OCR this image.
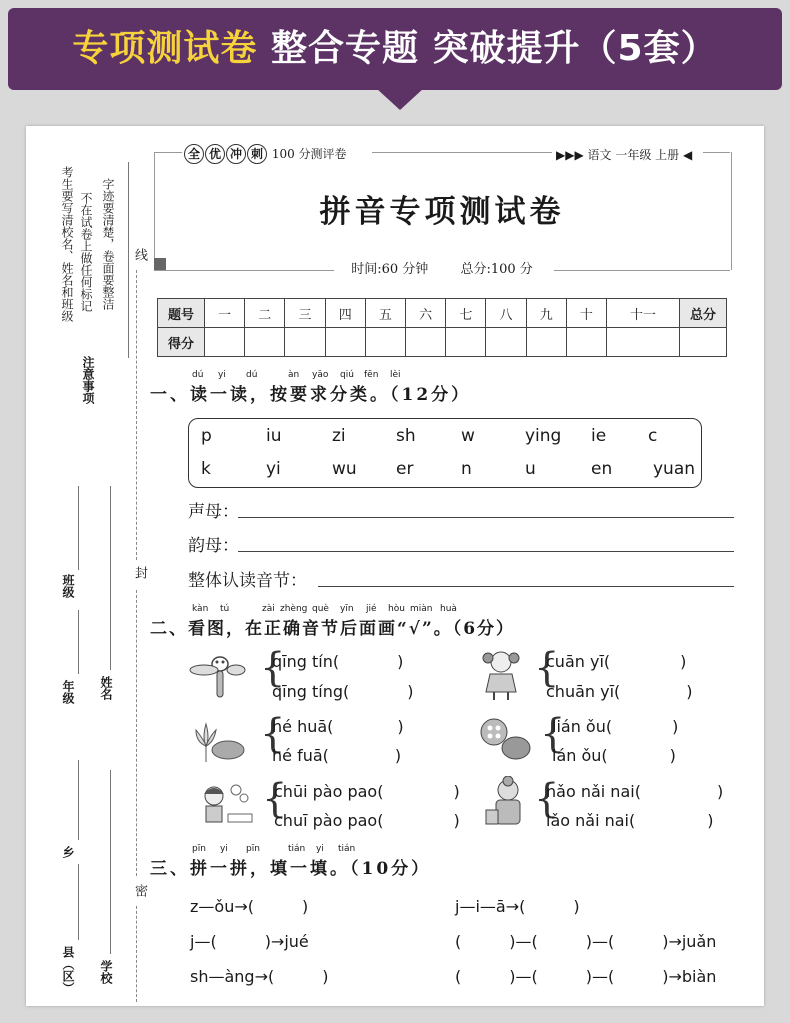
专项测试卷 整合专题 突破提升（5套）
考生要写清校名、姓名和班级 不在试卷上做任何标记 字迹要清楚，卷面要整洁
注意事项
线
封
密
班级
年级 姓名
乡
县（区） 学校
全 优 冲 刺 100 分测评卷	▶▶▶ 语文 一年级 上册 ◀
拼音专项测试卷
时间:60 分钟 总分:100 分
题号	一	二	三	四	五	六	七	八	九	十	十一	总分
得分												
dú yi dú	àn yāo qiú fēn lèi
一、读一读，按要求分类。（12分）
p	iu	zi	sh	w	ying ie c
k	yi	wu er	n	u	en yuan
声母：
韵母：
整体认读音节：
kàn tú	zài zhèng què yīn jié hòu miàn huà
二、看图，在正确音节后面画“√”。（6分）
{
qīng tín(	)
qīng tíng(	)
{
cuān yī(	)
chuān yī(	)
{
hé huā(	)
hé fuā(	)	{
lián ǒu(	)
lán ǒu(	)
{
chūi pào pao(	)
chuī pào pao(	) {
nǎo nǎi nai(	)
lǎo nǎi nai(	)
pīn yi pīn	tián yi tián
三、拼一拼，填一填。（10分）
z—ǒu→(　　　)	j—i—ā→(　　　)
j—(　　　)→jué	(　　　)—(　　　)—(　　　)→juǎn
sh—àng→(　　　)	(　　　)—(　　　)—(　　　)→biàn
